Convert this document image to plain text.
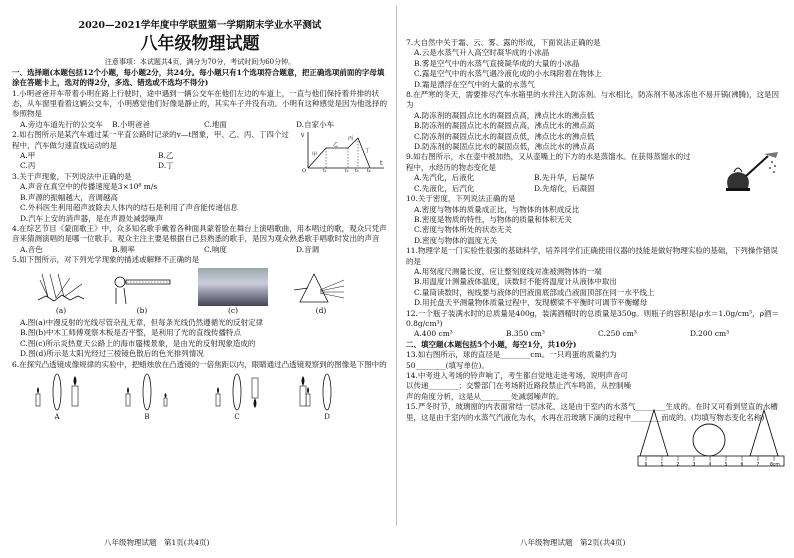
2020—2021学年度中学联盟第一学期期末学业水平测试
八年级物理试题
注意事项：本试题共4页，满分为70分，考试时间为60分钟。
一、选择题(本题包括12个小题，每小题2分，共24分。每小题只有1个选项符合题意，把正确选项前面的字母填涂在答题卡上，选对的得2分，多选、错选或不选均不得分)

1.小明爸爸开车带着小明在路上行驶时，途中遇到一辆公交车在他们左边的车道上，一直与他们保持着并排的状态，从车窗里看着这辆公交车，小明感觉他们好像是静止的，其实车子并没有动。小明有这种感觉是因为他选择的参照物是

A.旁边车道先行的公交车	B.小明爸爸	C.地面	D.自家小车

2.如右图所示是某汽车通过某一平直公路时记录的v—t图象，甲、乙、丙、丁四个过程中，汽车做匀速直线运动的是

A.甲	B.乙
C.丙	D.丁
v
t
O
甲
乙
丙
丁
t₁	t₂ t₃ t₄

3.关于声现象，下列说法中正确的是

A.声音在真空中的传播速度是3×10⁸ m/s

B.声源的振幅越大，音调越高

C.外科医生利用超声波除去人体内的结石是利用了声音能传递信息

D.汽车上安的消声器，是在声源处减弱噪声

4.在综艺节目《蒙面歌王》中，众多知名歌手戴着各种面具蒙着脸在舞台上演唱歌曲，用本唱过的歌，观众只凭声音来猜测演唱的是哪一位歌手。观众主注主要是根据自己县熟悉的歌手，是因为观众熟悉歌手唱歌时发出的声音

A.音色	B.频率	C.响度	D.音调

5.如下图所示，对下列光学现象的描述或解释不正确的是

(a)	(b)	(c)	(d)

A.图(a)中漫反射的光线尽管杂乱无章，但每条光线仍然遵循光的反射定律

B.图(b)中木工师傅观察木板是否平整，是利用了光的直线传播特点

C.图(c)所示炎热夏天公路上的海市蜃楼景象，是由光的反射现象造成的

D.图(d)所示是太阳光经过三棱镜色散后的色光排列情况

6.在探究凸透镜成像规律的实验中，把蜡烛放在凸透镜的一倍焦距以内，眼睛通过凸透镜观察到的图像是下图中的

A	B	C	D

7.大自然中关于霜、云、雾、露的形成，下面说法正确的是

A.云是水蒸气升入高空时凝华成的小冰晶

B.雾是空气中的水蒸气直接凝华成的大量的小冰晶

C.露是空气中的水蒸气遇冷液化成的小水珠附着在物体上

D.霜是漂浮在空气中的大量的水蒸气

8.在严寒的冬天，需要排尽汽车水箱里的水并注入防冻剂。与水相比，防冻剂不易冰冻也不易开锅(沸腾)，这是因为

A.防冻剂的凝固点比水的凝固点高，沸点比水的沸点低

B.防冻剂的凝固点比水的凝固点高，沸点比水的沸点高

C.防冻剂的凝固点比水的凝固点低，沸点比水的沸点低

D.防冻剂的凝固点比水的凝固点低，沸点比水的沸点高

9.如右图所示，水在壶中被加热，又从壶嘴上的下方的水是蒸馏水。在获得蒸馏水的过程中，水经历的物态变化是

A.先汽化，后液化	B.先升华，后凝华
C.先液化，后汽化	D.先熔化，后凝固

10.关于密度，下列说法正确的是

A.密度与物体的质量成正比，与物体的体积成反比

B.密度是物质的特性，与物体的质量和体积无关

C.密度与物体所处的状态无关

D.密度与物体的温度无关

11.物理学是一门实验性很强的基础科学，培养同学们正确使用仪器的技能是做好物理实验的基础，下列操作错误的是

A.用刻度尺测量长度，应让整刻度线对准被测物体的一端

B.用温度计测量液体温度，读数时不能将温度计从液体中取出

C.量筒读数时，视线要与液体的凹液面底部或凸液面顶部在同一水平线上

D.用托盘天平测量物体质量过程中，发现横梁不平衡时可调节平衡螺母

12.一个瓶子装满水时的总质量是400g，装满酒精时的总质量是350g。则瓶子的容积是(ρ水＝1.0g/cm³，ρ酒＝0.8g/cm³)

A.400 cm³	B.350 cm³	C.250 cm³	D.200 cm³
二、填空题(本题包括5个小题，每空1分，共10分)

13.如右图所示，球的直径是________cm。一只鸡蛋的质量约为50________(填写单位)。

14.中考进入考场的铃声响了，考生都自觉地走进考场，说明声音可以传递________；交警部门在考场附近路段禁止汽车鸣笛，从控制噪声的角度分析，这是从________处减弱噪声的。

15.严冬时节，玻璃窗的内表面常结一层冰花，这是由于室内的水蒸气________生成的。在时又可看到竖直的水槽里，这是由于室内的水蒸气汽液化为水，水再在沿玻璃下滴的过程中________而成的。(均填写物态变化名称)

0	1	2	3	4	5	6	7 8cm
八年级物理试题　第1页(共4页)	八年级物理试题　第2页(共4页)
